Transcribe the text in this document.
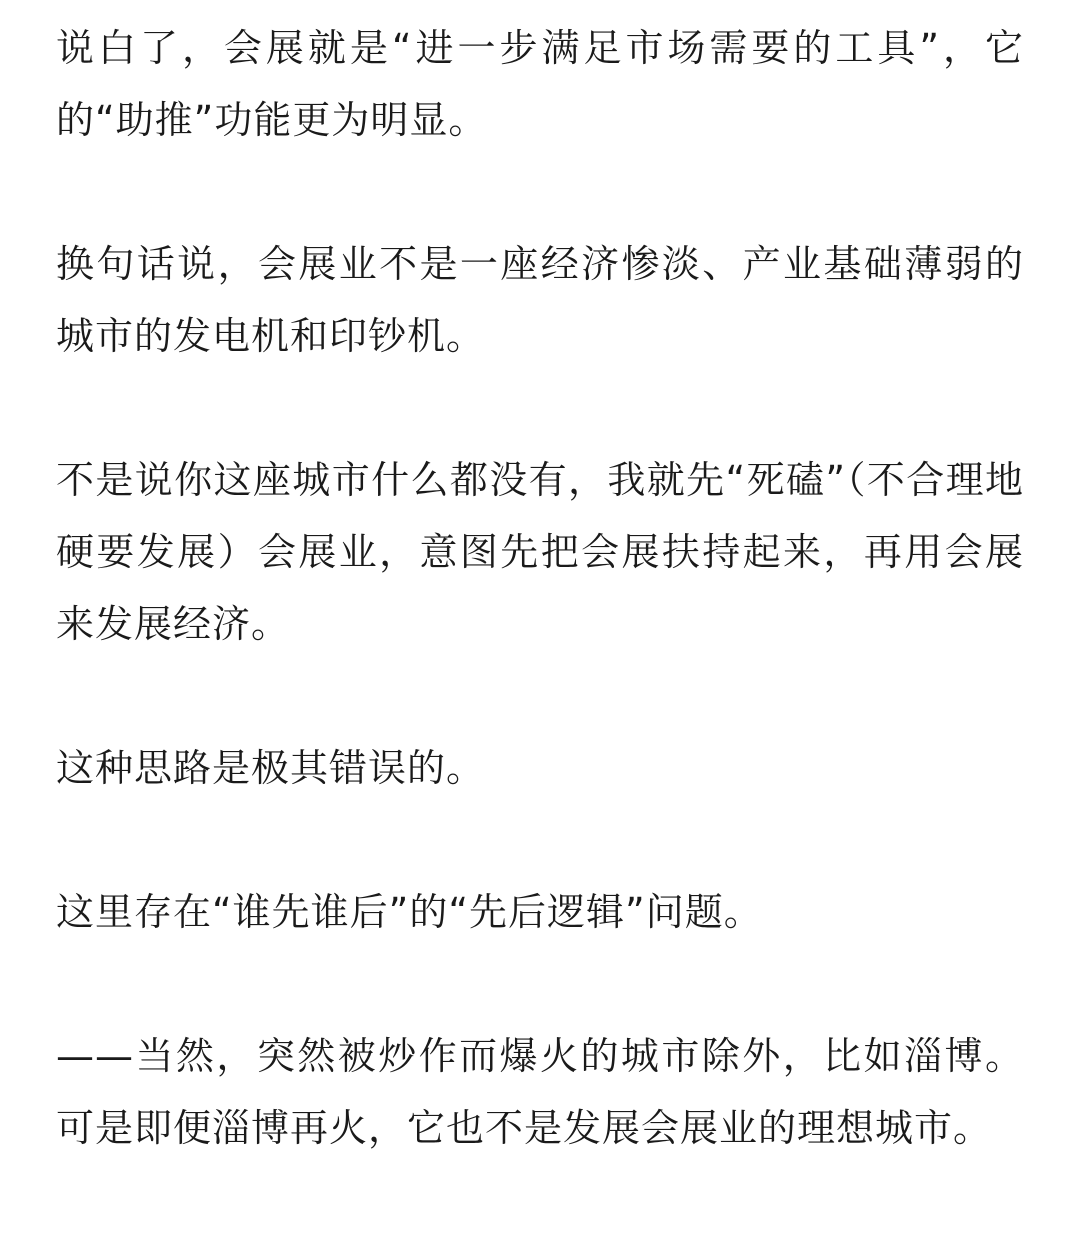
说白了，会展就是“进一步满足市场需要的工具”，它的“助推”功能更为明显。

换句话说，会展业不是一座经济惨淡、产业基础薄弱的城市的发电机和印钞机。

不是说你这座城市什么都没有，我就先“死磕”（不合理地硬要发展）会展业，意图先把会展扶持起来，再用会展来发展经济。

这种思路是极其错误的。

这里存在“谁先谁后”的“先后逻辑”问题。

——当然，突然被炒作而爆火的城市除外，比如淄博。可是即便淄博再火，它也不是发展会展业的理想城市。
